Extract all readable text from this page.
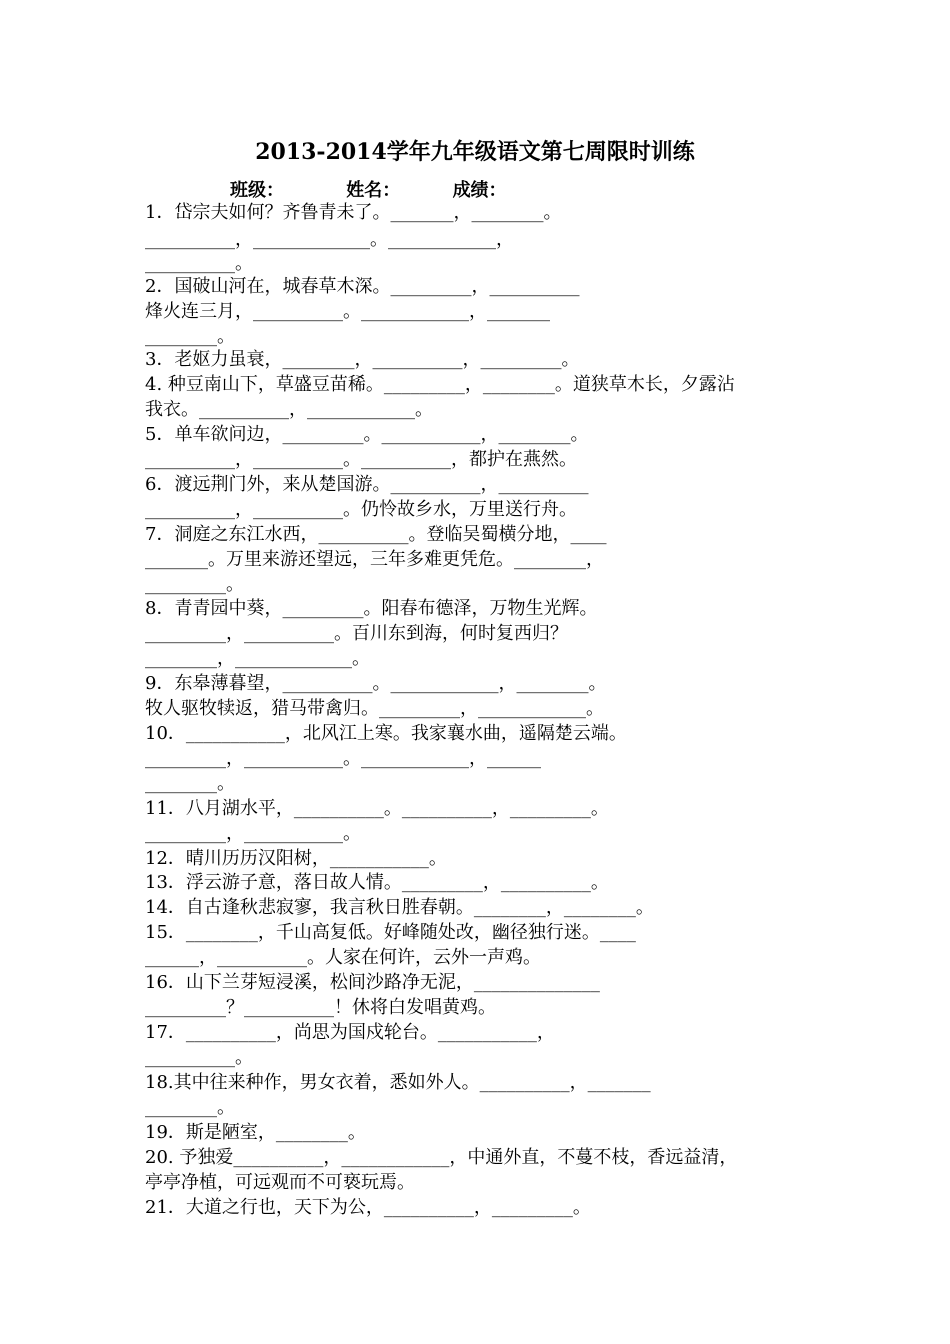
2013-2014学年九年级语文第七周限时训练
班级：	姓名：	成绩：
1．岱宗夫如何？齐鲁青未了。_______，________。
__________，_____________。____________，
__________。
2．国破山河在，城春草木深。_________，__________
烽火连三月，__________。____________，_______
________。
3．老妪力虽衰，________，__________，_________。
4. 种豆南山下，草盛豆苗稀。_________，________。道狭草木长，夕露沾
我衣。__________，____________。
5．单车欲问边，_________。___________，________。
__________，__________。__________，都护在燕然。
6．渡远荆门外，来从楚国游。__________，__________
__________，__________。仍怜故乡水，万里送行舟。
7．洞庭之东江水西，__________。登临吴蜀横分地，____
_______。万里来游还望远，三年多难更凭危。________，
_________。
8．青青园中葵，_________。阳春布德泽，万物生光辉。
_________，__________。百川东到海，何时复西归？
________，_____________。
9．东皋薄暮望，__________。____________，________。
牧人驱牧犊返，猎马带禽归。_________，____________。
10．___________，北风江上寒。我家襄水曲，遥隔楚云端。
_________，___________。____________，______
________。
11．八月湖水平，__________。__________，_________。
_________，___________。
12．晴川历历汉阳树，___________。
13．浮云游子意，落日故人情。_________，__________。
14．自古逢秋悲寂寥，我言秋日胜春朝。________，________。
15．________，千山高复低。好峰随处改，幽径独行迷。____
______，__________。人家在何许，云外一声鸡。
16．山下兰芽短浸溪，松间沙路净无泥，______________
_________？__________！休将白发唱黄鸡。
17．__________，尚思为国戍轮台。___________，
__________。
18.其中往来种作，男女衣着，悉如外人。__________，_______
________。
19．斯是陋室，________。
20. 予独爱__________，____________，中通外直，不蔓不枝，香远益清，
亭亭净植，可远观而不可亵玩焉。
21．大道之行也，天下为公，__________，_________。
